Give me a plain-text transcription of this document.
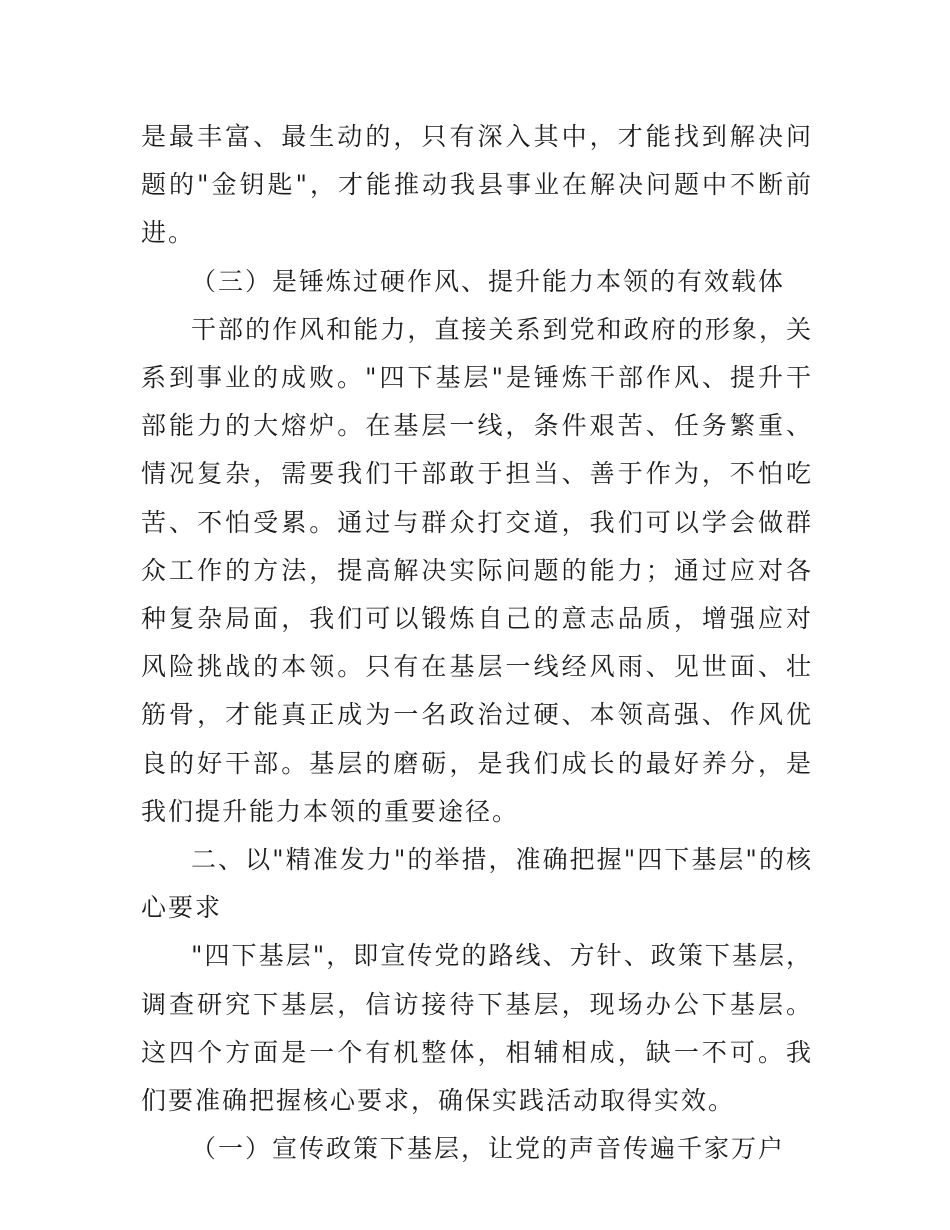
是最丰富、最生动的，只有深入其中，才能找到解决问题的"金钥匙"，才能推动我县事业在解决问题中不断前进。

（三）是锤炼过硬作风、提升能力本领的有效载体

干部的作风和能力，直接关系到党和政府的形象，关系到事业的成败。"四下基层"是锤炼干部作风、提升干部能力的大熔炉。在基层一线，条件艰苦、任务繁重、情况复杂，需要我们干部敢于担当、善于作为，不怕吃苦、不怕受累。通过与群众打交道，我们可以学会做群众工作的方法，提高解决实际问题的能力；通过应对各种复杂局面，我们可以锻炼自己的意志品质，增强应对风险挑战的本领。只有在基层一线经风雨、见世面、壮筋骨，才能真正成为一名政治过硬、本领高强、作风优良的好干部。基层的磨砺，是我们成长的最好养分，是我们提升能力本领的重要途径。

二、以"精准发力"的举措，准确把握"四下基层"的核心要求

"四下基层"，即宣传党的路线、方针、政策下基层，调查研究下基层，信访接待下基层，现场办公下基层。这四个方面是一个有机整体，相辅相成，缺一不可。我们要准确把握核心要求，确保实践活动取得实效。

（一）宣传政策下基层，让党的声音传遍千家万户
